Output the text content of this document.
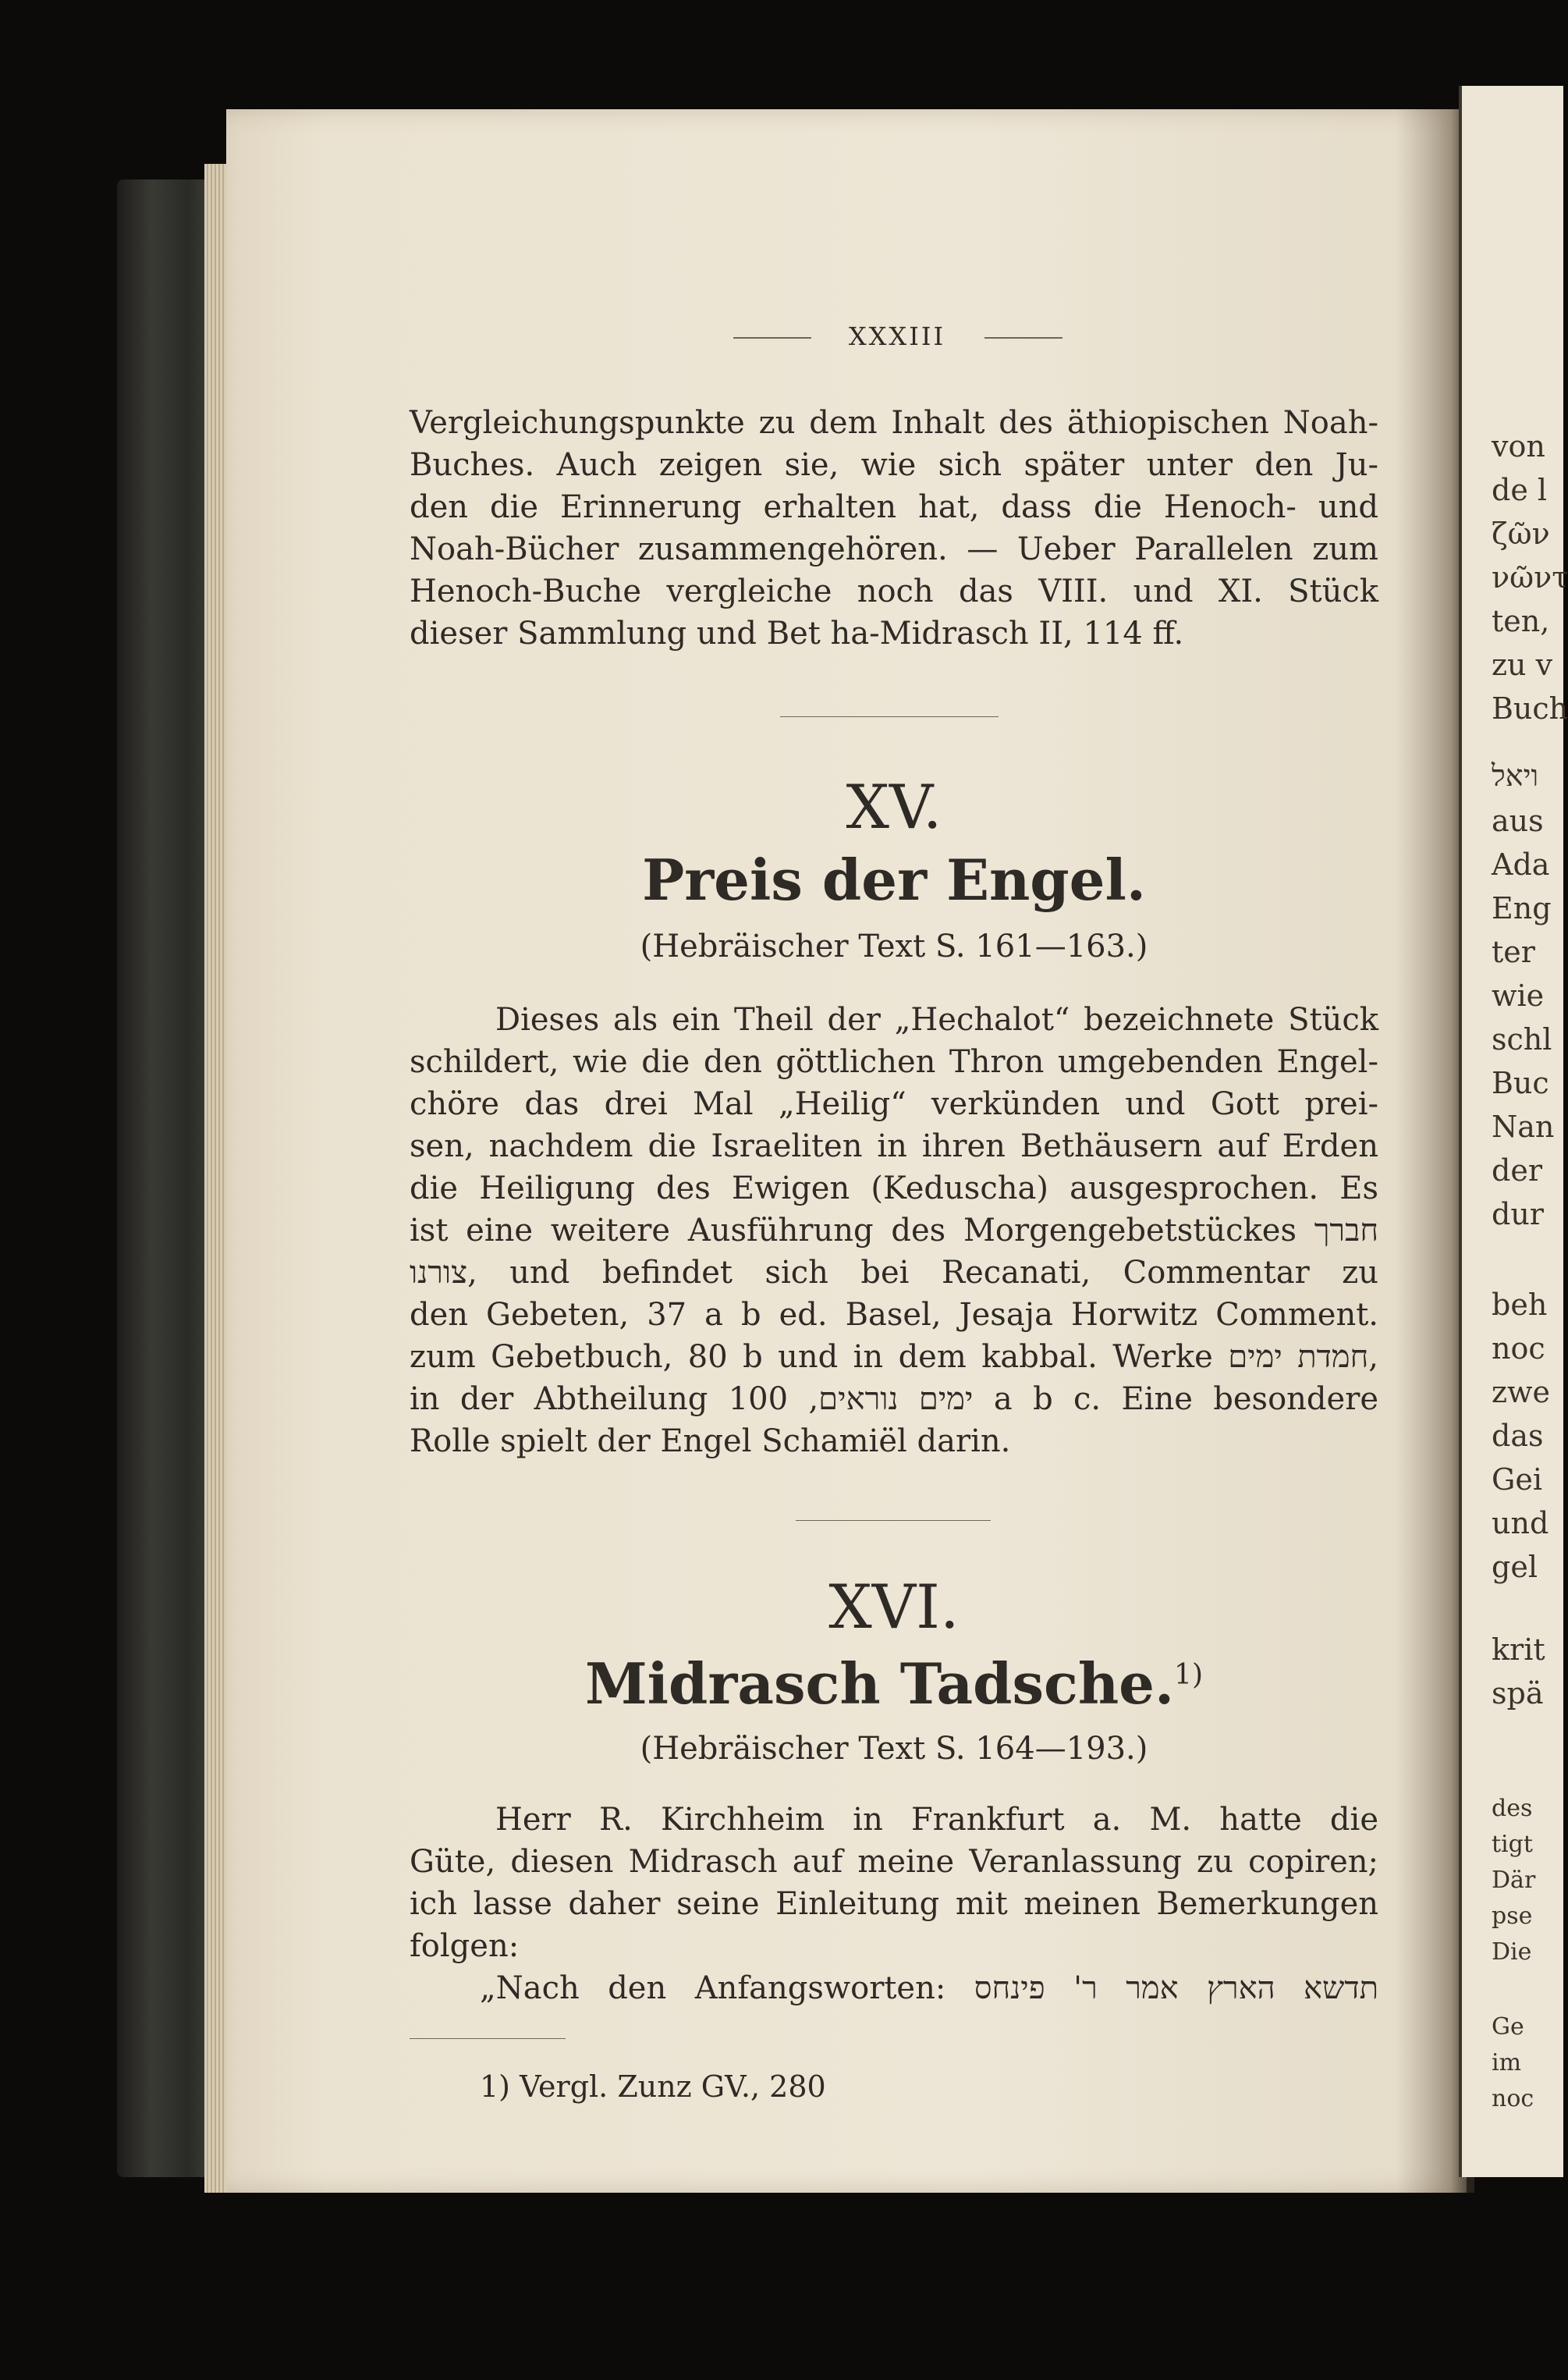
von
de l
ζῶν
νῶντ
ten,
zu v
Buch
ויאל
aus
Ada
Eng
ter
wie
schl
Buc
Nan
der
dur
beh
noc
zwe
das
Gei
und
gel
krit
spä
des
tigt
Där
pse
Die
Ge
im
noc
XXXIII
Vergleichungspunkte zu dem Inhalt des äthiopischen Noah-
Buches. Auch zeigen sie, wie sich später unter den Ju-
den die Erinnerung erhalten hat, dass die Henoch- und
Noah-Bücher zusammengehören. — Ueber Parallelen zum
Henoch-Buche vergleiche noch das VIII. und XI. Stück
dieser Sammlung und Bet ha-Midrasch II, 114 ff.
XV.
Preis der Engel.
(Hebräischer Text S. 161—163.)
Dieses als ein Theil der „Hechalot“ bezeichnete Stück
schildert, wie die den göttlichen Thron umgebenden Engel-
chöre das drei Mal „Heilig“ verkünden und Gott prei-
sen, nachdem die Israeliten in ihren Bethäusern auf Erden
die Heiligung des Ewigen (Keduscha) ausgesprochen. Es
ist eine weitere Ausführung des Morgengebetstückes חברך
צורנו, und befindet sich bei Recanati, Commentar zu
den Gebeten, 37 a b ed. Basel, Jesaja Horwitz Comment.
zum Gebetbuch, 80 b und in dem kabbal. Werke חמדת ימים,
in der Abtheilung ימים נוראים, 100 a b c. Eine besondere
Rolle spielt der Engel Schamiël darin.
XVI.
Midrasch Tadsche.$^{1)}$
(Hebräischer Text S. 164—193.)
Herr R. Kirchheim in Frankfurt a. M. hatte die
Güte, diesen Midrasch auf meine Veranlassung zu copiren;
ich lasse daher seine Einleitung mit meinen Bemerkungen
folgen:
„Nach den Anfangsworten: תדשא הארץ אמר ר' פינחס
1) Vergl. Zunz GV., 280
